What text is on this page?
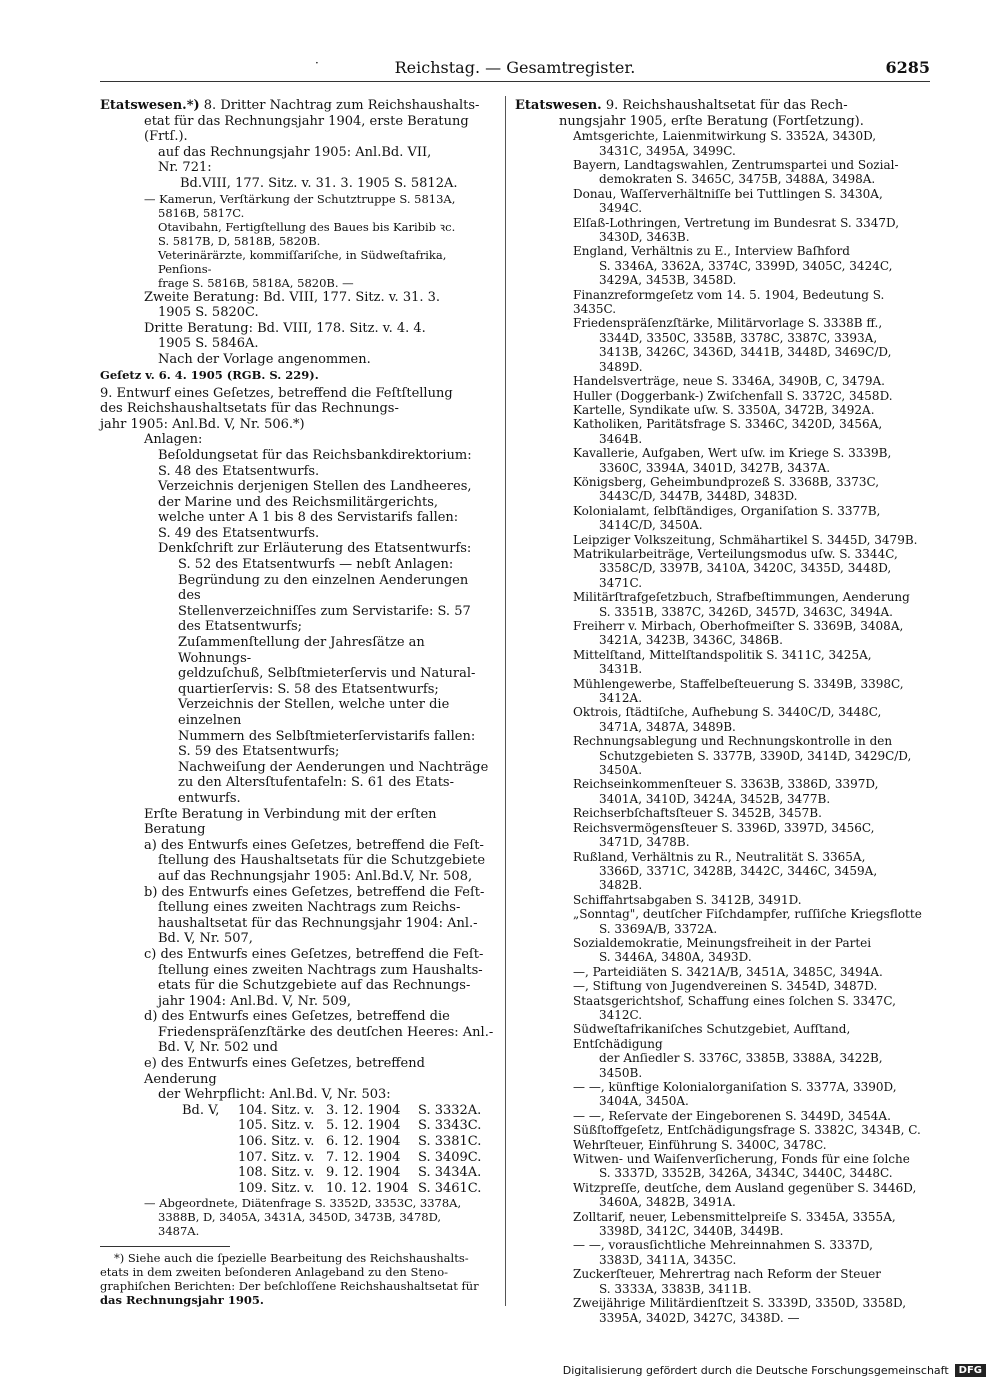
·	Reichstag. — Gesamtregister.	6285

Etatswesen.*) 8. Dritter Nachtrag zum Reichshaushalts-

etat für das Rechnungsjahr 1904, erste Beratung (Frtſ.).

auf das Rechnungsjahr 1905: Anl.Bd. VII,

Nr. 721:

Bd.VIII, 177. Sitz. v. 31. 3. 1905 S. 5812A.

— Kamerun, Verſtärkung der Schutztruppe S. 5813A,

5816B, 5817C.

Otavibahn, Fertigſtellung des Baues bis Karibib ꝛc.

S. 5817B, D, 5818B, 5820B.

Veterinärärzte, kommiſſariſche, in Südweſtafrika, Penſions-

frage S. 5816B, 5818A, 5820B. —

Zweite Beratung: Bd. VIII, 177. Sitz. v. 31. 3.

1905 S. 5820C.

Dritte Beratung: Bd. VIII, 178. Sitz. v. 4. 4.

1905 S. 5846A.

Nach der Vorlage angenommen.

Geſetz v. 6. 4. 1905 (RGB. S. 229).

9. Entwurf eines Geſetzes, betreffend die Feſtſtellung

des Reichshaushaltsetats für das Rechnungs-

jahr 1905: Anl.Bd. V, Nr. 506.*)

Anlagen:

Beſoldungsetat für das Reichsbankdirektorium:

S. 48 des Etatsentwurfs.

Verzeichnis derjenigen Stellen des Landheeres,

der Marine und des Reichsmilitärgerichts,

welche unter A 1 bis 8 des Servistarifs fallen:

S. 49 des Etatsentwurfs.

Denkſchrift zur Erläuterung des Etatsentwurfs:

S. 52 des Etatsentwurfs — nebſt Anlagen:

Begründung zu den einzelnen Aenderungen des

Stellenverzeichniſſes zum Servistarife: S. 57

des Etatsentwurfs;

Zuſammenſtellung der Jahresſätze an Wohnungs-

geldzuſchuß, Selbſtmieterſervis und Natural-

quartierſervis: S. 58 des Etatsentwurfs;

Verzeichnis der Stellen, welche unter die einzelnen

Nummern des Selbſtmieterſervistarifs fallen:

S. 59 des Etatsentwurfs;

Nachweiſung der Aenderungen und Nachträge

zu den Altersſtufentafeln: S. 61 des Etats-

entwurfs.

Erſte Beratung in Verbindung mit der erſten Beratung

a) des Entwurfs eines Geſetzes, betreffend die Feſt-

ſtellung des Haushaltsetats für die Schutzgebiete

auf das Rechnungsjahr 1905: Anl.Bd.V, Nr. 508,

b) des Entwurfs eines Geſetzes, betreffend die Feſt-

ſtellung eines zweiten Nachtrags zum Reichs-

haushaltsetat für das Rechnungsjahr 1904: Anl.-

Bd. V, Nr. 507,

c) des Entwurfs eines Geſetzes, betreffend die Feſt-

ſtellung eines zweiten Nachtrags zum Haushalts-

etats für die Schutzgebiete auf das Rechnungs-

jahr 1904: Anl.Bd. V, Nr. 509,

d) des Entwurfs eines Geſetzes, betreffend die

Friedenspräſenzſtärke des deutſchen Heeres: Anl.-

Bd. V, Nr. 502 und

e) des Entwurfs eines Geſetzes, betreffend Aenderung

der Wehrpflicht: Anl.Bd. V, Nr. 503:

Bd. V,	104. Sitz. v. 3. 12. 1904	S. 3332A.
105. Sitz. v. 5. 12. 1904	S. 3343C.
106. Sitz. v. 6. 12. 1904	S. 3381C.
107. Sitz. v. 7. 12. 1904	S. 3409C.
108. Sitz. v. 9. 12. 1904	S. 3434A.
109. Sitz. v. 10. 12. 1904 S. 3461C.

— Abgeordnete, Diätenfrage S. 3352D, 3353C, 3378A,

3388B, D, 3405A, 3431A, 3450D, 3473B, 3478D,

3487A.

*) Siehe auch die ſpezielle Bearbeitung des Reichshaushalts-

etats in dem zweiten beſonderen Anlageband zu den Steno-

graphiſchen Berichten: Der beſchloſſene Reichshaushaltsetat für

das Rechnungsjahr 1905.

Etatswesen. 9. Reichshaushaltsetat für das Rech-

nungsjahr 1905, erſte Beratung (Fortſetzung).

Amtsgerichte, Laienmitwirkung S. 3352A, 3430D,

3431C, 3495A, 3499C.

Bayern, Landtagswahlen, Zentrumspartei und Sozial-

demokraten S. 3465C, 3475B, 3488A, 3498A.

Donau, Waſſerverhältniſſe bei Tuttlingen S. 3430A,

3494C.

Elſaß-Lothringen, Vertretung im Bundesrat S. 3347D,

3430D, 3463B.

England, Verhältnis zu E., Interview Baſhford

S. 3346A, 3362A, 3374C, 3399D, 3405C, 3424C,

3429A, 3453B, 3458D.

Finanzreformgeſetz vom 14. 5. 1904, Bedeutung S. 3435C.

Friedenspräſenzſtärke, Militärvorlage S. 3338B ff.,

3344D, 3350C, 3358B, 3378C, 3387C, 3393A,

3413B, 3426C, 3436D, 3441B, 3448D, 3469C/D,

3489D.

Handelsverträge, neue S. 3346A, 3490B, C, 3479A.

Huller (Doggerbank-) Zwiſchenfall S. 3372C, 3458D.

Kartelle, Syndikate uſw. S. 3350A, 3472B, 3492A.

Katholiken, Paritätsfrage S. 3346C, 3420D, 3456A,

3464B.

Kavallerie, Aufgaben, Wert uſw. im Kriege S. 3339B,

3360C, 3394A, 3401D, 3427B, 3437A.

Königsberg, Geheimbundprozeß S. 3368B, 3373C,

3443C/D, 3447B, 3448D, 3483D.

Kolonialamt, ſelbſtändiges, Organiſation S. 3377B,

3414C/D, 3450A.

Leipziger Volkszeitung, Schmähartikel S. 3445D, 3479B.

Matrikularbeiträge, Verteilungsmodus uſw. S. 3344C,

3358C/D, 3397B, 3410A, 3420C, 3435D, 3448D,

3471C.

Militärſtrafgeſetzbuch, Strafbeſtimmungen, Aenderung

S. 3351B, 3387C, 3426D, 3457D, 3463C, 3494A.

Freiherr v. Mirbach, Oberhofmeiſter S. 3369B, 3408A,

3421A, 3423B, 3436C, 3486B.

Mittelſtand, Mittelſtandspolitik S. 3411C, 3425A,

3431B.

Mühlengewerbe, Staffelbeſteuerung S. 3349B, 3398C,

3412A.

Oktrois, ſtädtiſche, Aufhebung S. 3440C/D, 3448C,

3471A, 3487A, 3489B.

Rechnungsablegung und Rechnungskontrolle in den

Schutzgebieten S. 3377B, 3390D, 3414D, 3429C/D,

3450A.

Reichseinkommenſteuer S. 3363B, 3386D, 3397D,

3401A, 3410D, 3424A, 3452B, 3477B.

Reichserbſchaftsſteuer S. 3452B, 3457B.

Reichsvermögensſteuer S. 3396D, 3397D, 3456C,

3471D, 3478B.

Rußland, Verhältnis zu R., Neutralität S. 3365A,

3366D, 3371C, 3428B, 3442C, 3446C, 3459A,

3482B.

Schiffahrtsabgaben S. 3412B, 3491D.

„Sonntag", deutſcher Fiſchdampfer, ruſſiſche Kriegsflotte

S. 3369A/B, 3372A.

Sozialdemokratie, Meinungsfreiheit in der Partei

S. 3446A, 3480A, 3493D.

—, Parteidiäten S. 3421A/B, 3451A, 3485C, 3494A.

—, Stiftung von Jugendvereinen S. 3454D, 3487D.

Staatsgerichtshof, Schaffung eines ſolchen S. 3347C,

3412C.

Südweſtafrikaniſches Schutzgebiet, Aufſtand, Entſchädigung

der Anſiedler S. 3376C, 3385B, 3388A, 3422B,

3450B.

— —, künftige Kolonialorganiſation S. 3377A, 3390D,

3404A, 3450A.

— —, Reſervate der Eingeborenen S. 3449D, 3454A.

Süßſtoffgeſetz, Entſchädigungsfrage S. 3382C, 3434B, C.

Wehrſteuer, Einführung S. 3400C, 3478C.

Witwen- und Waiſenverſicherung, Fonds für eine ſolche

S. 3337D, 3352B, 3426A, 3434C, 3440C, 3448C.

Witzpreſſe, deutſche, dem Ausland gegenüber S. 3446D,

3460A, 3482B, 3491A.

Zolltarif, neuer, Lebensmittelpreiſe S. 3345A, 3355A,

3398D, 3412C, 3440B, 3449B.

— —, vorausſichtliche Mehreinnahmen S. 3337D,

3383D, 3411A, 3435C.

Zuckerſteuer, Mehrertrag nach Reform der Steuer

S. 3333A, 3383B, 3411B.

Zweijährige Militärdienſtzeit S. 3339D, 3350D, 3358D,

3395A, 3402D, 3427C, 3438D. —

Digitalisierung gefördert durch die Deutsche Forschungsgemeinschaft	DFG
